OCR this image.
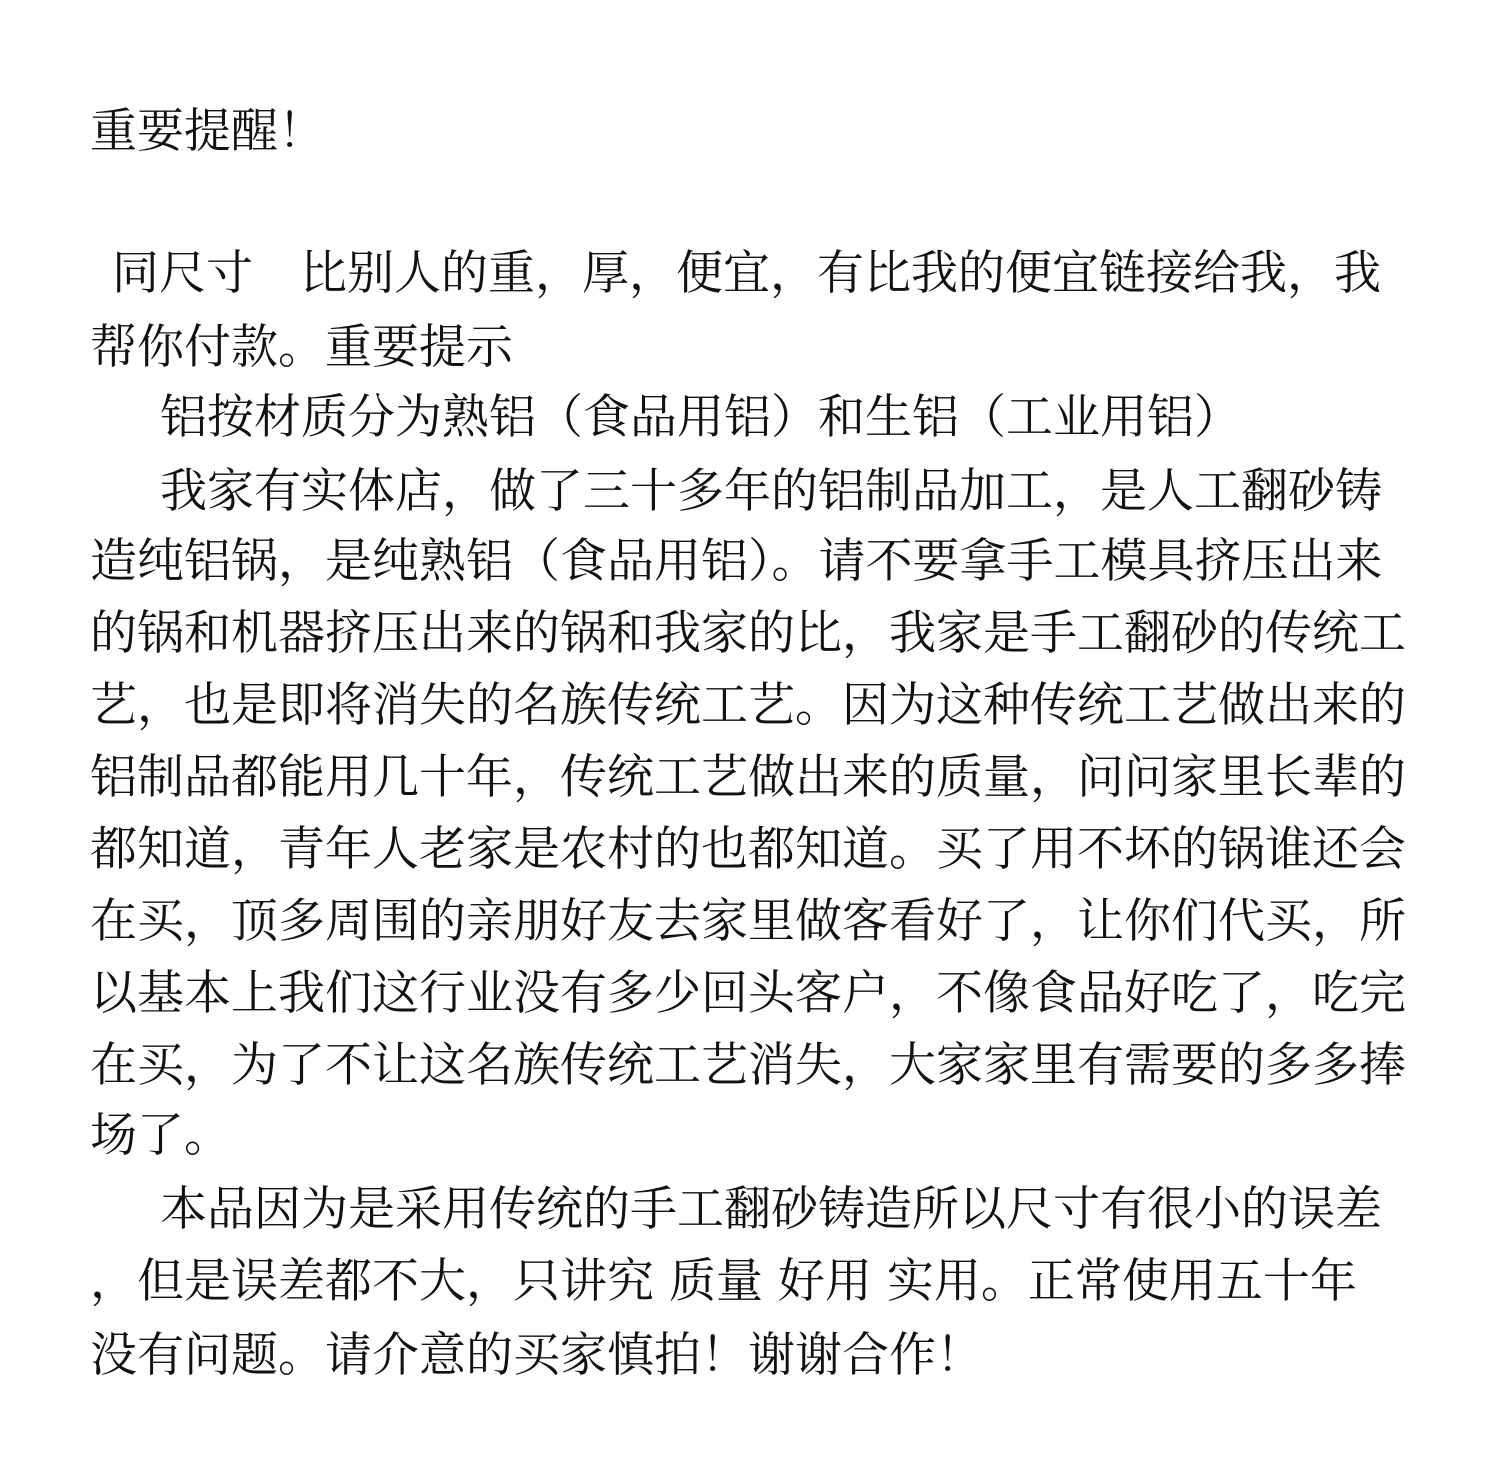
重要提醒！
同尺寸　比别人的重，厚，便宜，有比我的便宜链接给我，我
帮你付款。重要提示
铝按材质分为熟铝（食品用铝）和生铝（工业用铝）
我家有实体店，做了三十多年的铝制品加工，是人工翻砂铸
造纯铝锅，是纯熟铝（食品用铝）。请不要拿手工模具挤压出来
的锅和机器挤压出来的锅和我家的比，我家是手工翻砂的传统工
艺，也是即将消失的名族传统工艺。因为这种传统工艺做出来的
铝制品都能用几十年，传统工艺做出来的质量，问问家里长辈的
都知道，青年人老家是农村的也都知道。买了用不坏的锅谁还会
在买，顶多周围的亲朋好友去家里做客看好了，让你们代买，所
以基本上我们这行业没有多少回头客户，不像食品好吃了，吃完
在买，为了不让这名族传统工艺消失，大家家里有需要的多多捧
场了。
本品因为是采用传统的手工翻砂铸造所以尺寸有很小的误差
，但是误差都不大，只讲究 质量 好用 实用。正常使用五十年
没有问题。请介意的买家慎拍！谢谢合作！
